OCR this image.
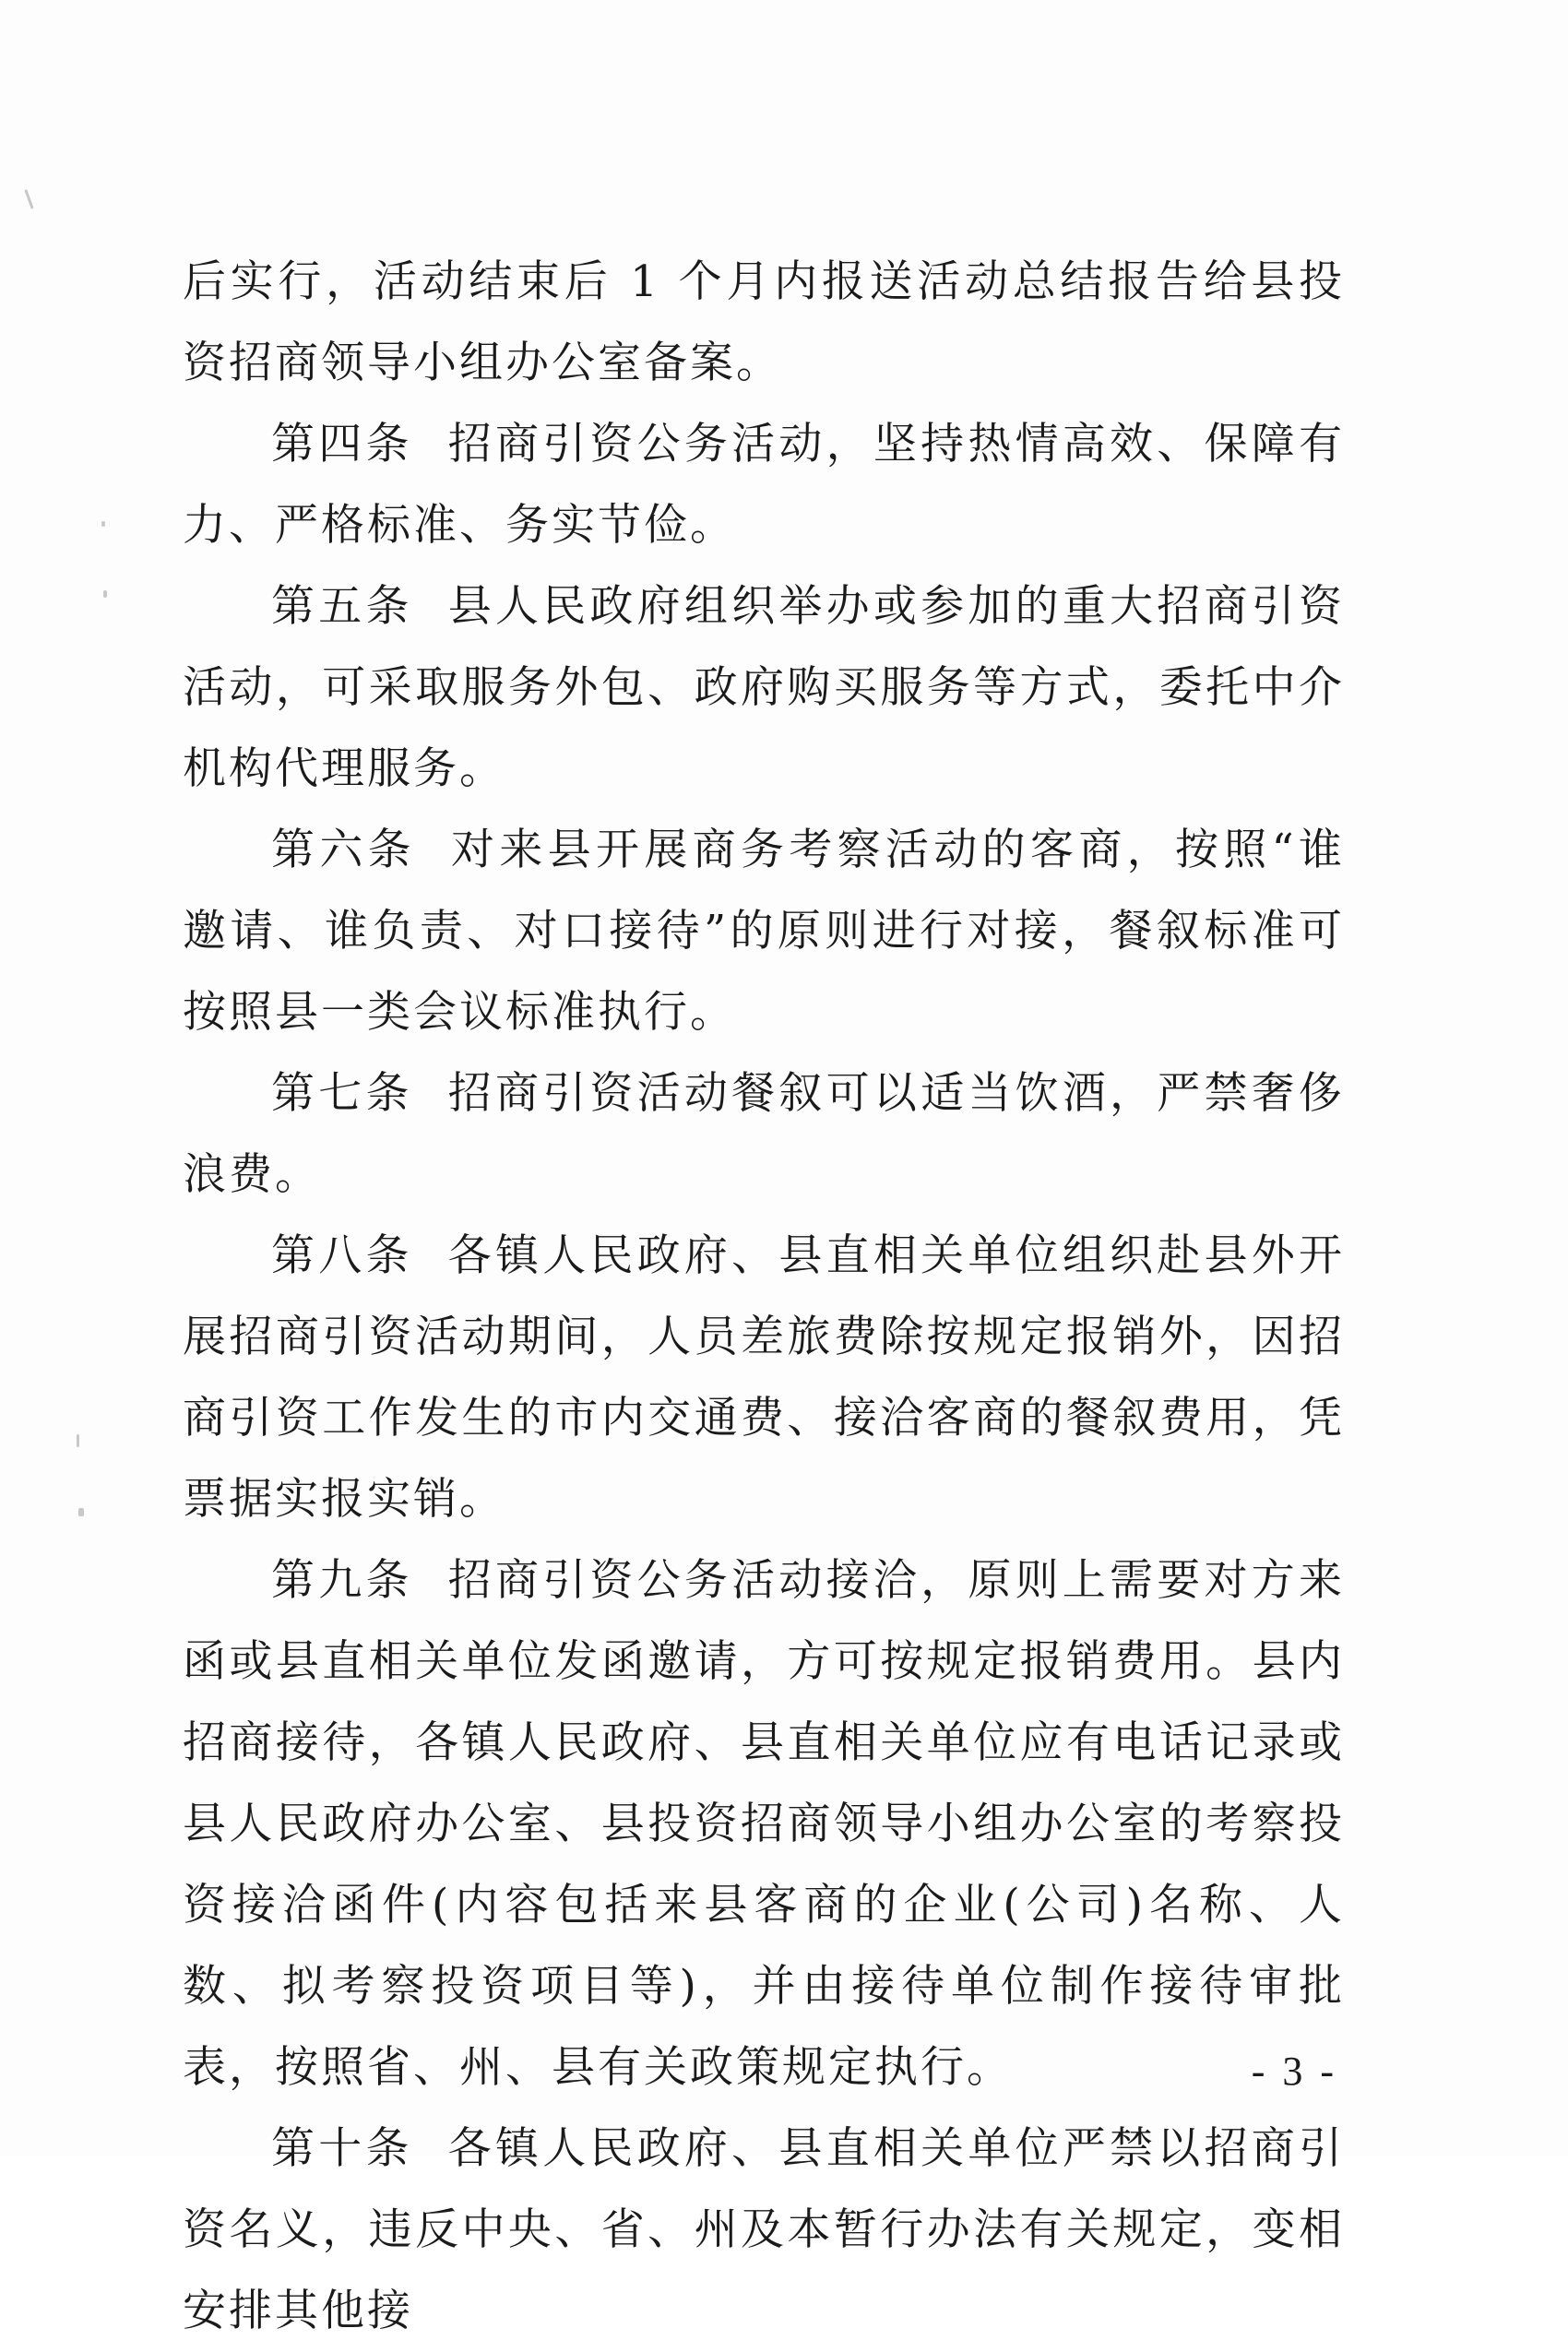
后实行，活动结束后 1 个月内报送活动总结报告给县投资招商领导小组办公室备案。

第四条 招商引资公务活动，坚持热情高效、保障有力、严格标准、务实节俭。

第五条 县人民政府组织举办或参加的重大招商引资活动，可采取服务外包、政府购买服务等方式，委托中介机构代理服务。

第六条 对来县开展商务考察活动的客商，按照“谁邀请、谁负责、对口接待”的原则进行对接，餐叙标准可按照县一类会议标准执行。

第七条 招商引资活动餐叙可以适当饮酒，严禁奢侈浪费。

第八条 各镇人民政府、县直相关单位组织赴县外开展招商引资活动期间，人员差旅费除按规定报销外，因招商引资工作发生的市内交通费、接洽客商的餐叙费用，凭票据实报实销。

第九条 招商引资公务活动接洽，原则上需要对方来函或县直相关单位发函邀请，方可按规定报销费用。县内招商接待，各镇人民政府、县直相关单位应有电话记录或县人民政府办公室、县投资招商领导小组办公室的考察投资接洽函件(内容包括来县客商的企业(公司)名称、人数、拟考察投资项目等)，并由接待单位制作接待审批表，按照省、州、县有关政策规定执行。

第十条 各镇人民政府、县直相关单位严禁以招商引资名义，违反中央、省、州及本暂行办法有关规定，变相安排其他接

- 3 -
